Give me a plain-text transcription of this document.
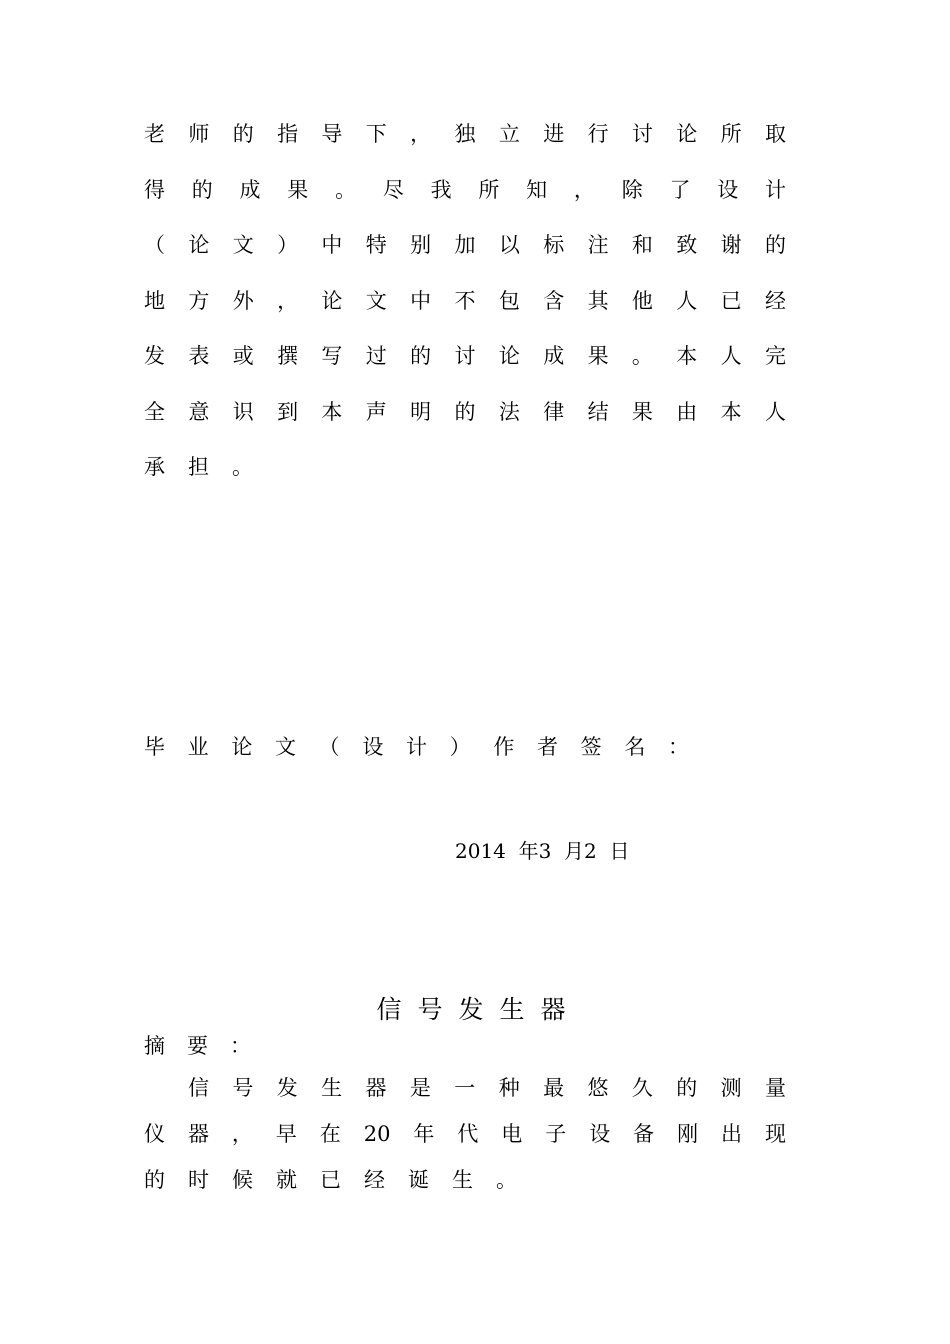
老师的指导下，独立进行讨论所取
得的成果。尽我所知，除了设计
（论文）中特别加以标注和致谢的
地方外，论文中不包含其他人已经
发表或撰写过的讨论成果。本人完
全意识到本声明的法律结果由本人
承担。
毕业论文（设计）作者签名：
2014  年3  月2  日
信号发生器
摘要：
信号发生器是一种最悠久的测量
仪器，早在20年代电子设备刚出现
的时候就已经诞生。
